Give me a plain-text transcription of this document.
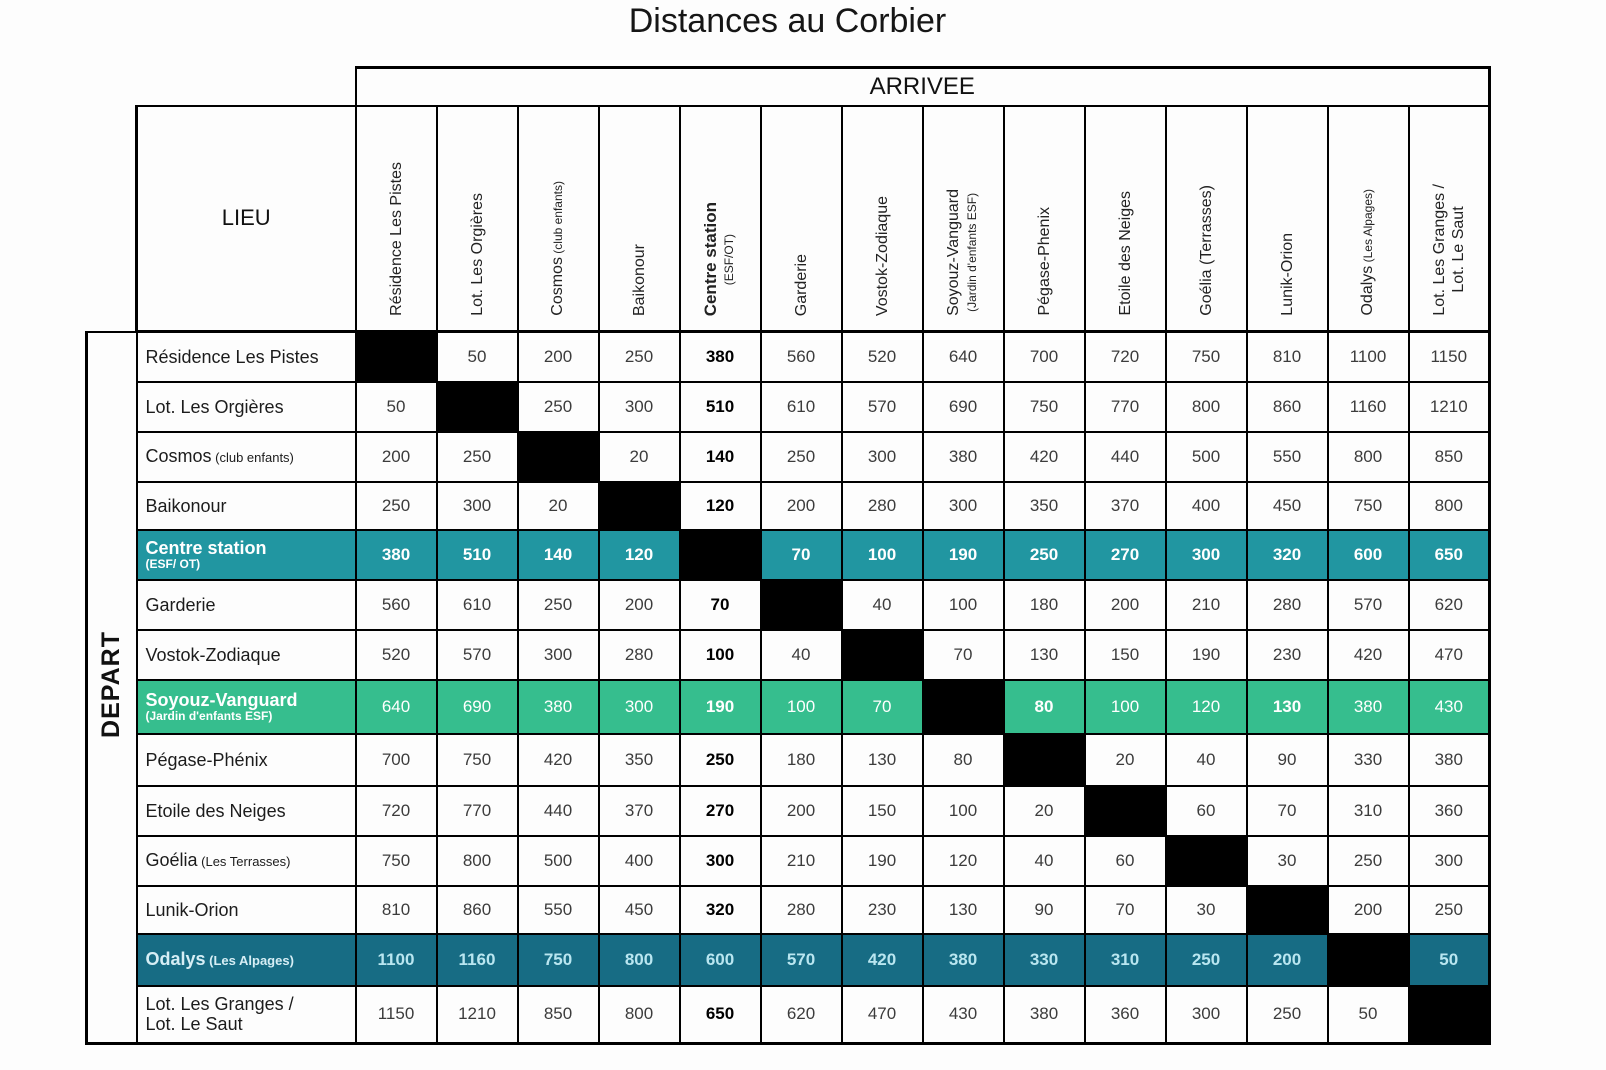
Distances au Corbier
		ARRIVEE													
	LIEU	Résidence Les Pistes	Lot. Les Orgières	Cosmos (club enfants)	Baikonour	Centre station (ESF/OT)	Garderie	Vostok-Zodiaque	Soyouz-Vanguard (Jardin d'enfants ESF)	Pégase-Phenix	Etoile des Neiges	Goélia (Terrasses)	Lunik-Orion	Odalys (Les Alpages)	Lot. Les Granges / Lot. Le Saut

DEPART	Résidence Les Pistes		50	200	250	380	560	520	640	700	720	750	810	1100	1150
	Lot. Les Orgières	50		250	300	510	610	570	690	750	770	800	860	1160	1210
	Cosmos (club enfants)	200	250		20	140	250	300	380	420	440	500	550	800	850
	Baikonour	250	300	20		120	200	280	300	350	370	400	450	750	800
	Centre station
(ESF/ OT)	380	510	140	120		70	100	190	250	270	300	320	600	650
	Garderie	560	610	250	200	70		40	100	180	200	210	280	570	620
	Vostok-Zodiaque	520	570	300	280	100	40		70	130	150	190	230	420	470
	Soyouz-Vanguard
(Jardin d'enfants ESF)	640	690	380	300	190	100	70		80	100	120	130	380	430
	Pégase-Phénix	700	750	420	350	250	180	130	80		20	40	90	330	380
	Etoile des Neiges	720	770	440	370	270	200	150	100	20		60	70	310	360
	Goélia (Les Terrasses)	750	800	500	400	300	210	190	120	40	60		30	250	300
	Lunik-Orion	810	860	550	450	320	280	230	130	90	70	30		200	250
	Odalys (Les Alpages)	1100	1160	750	800	600	570	420	380	330	310	250	200		50
	Lot. Les Granges /
Lot. Le Saut	1150	1210	850	800	650	620	470	430	380	360	300	250	50	
